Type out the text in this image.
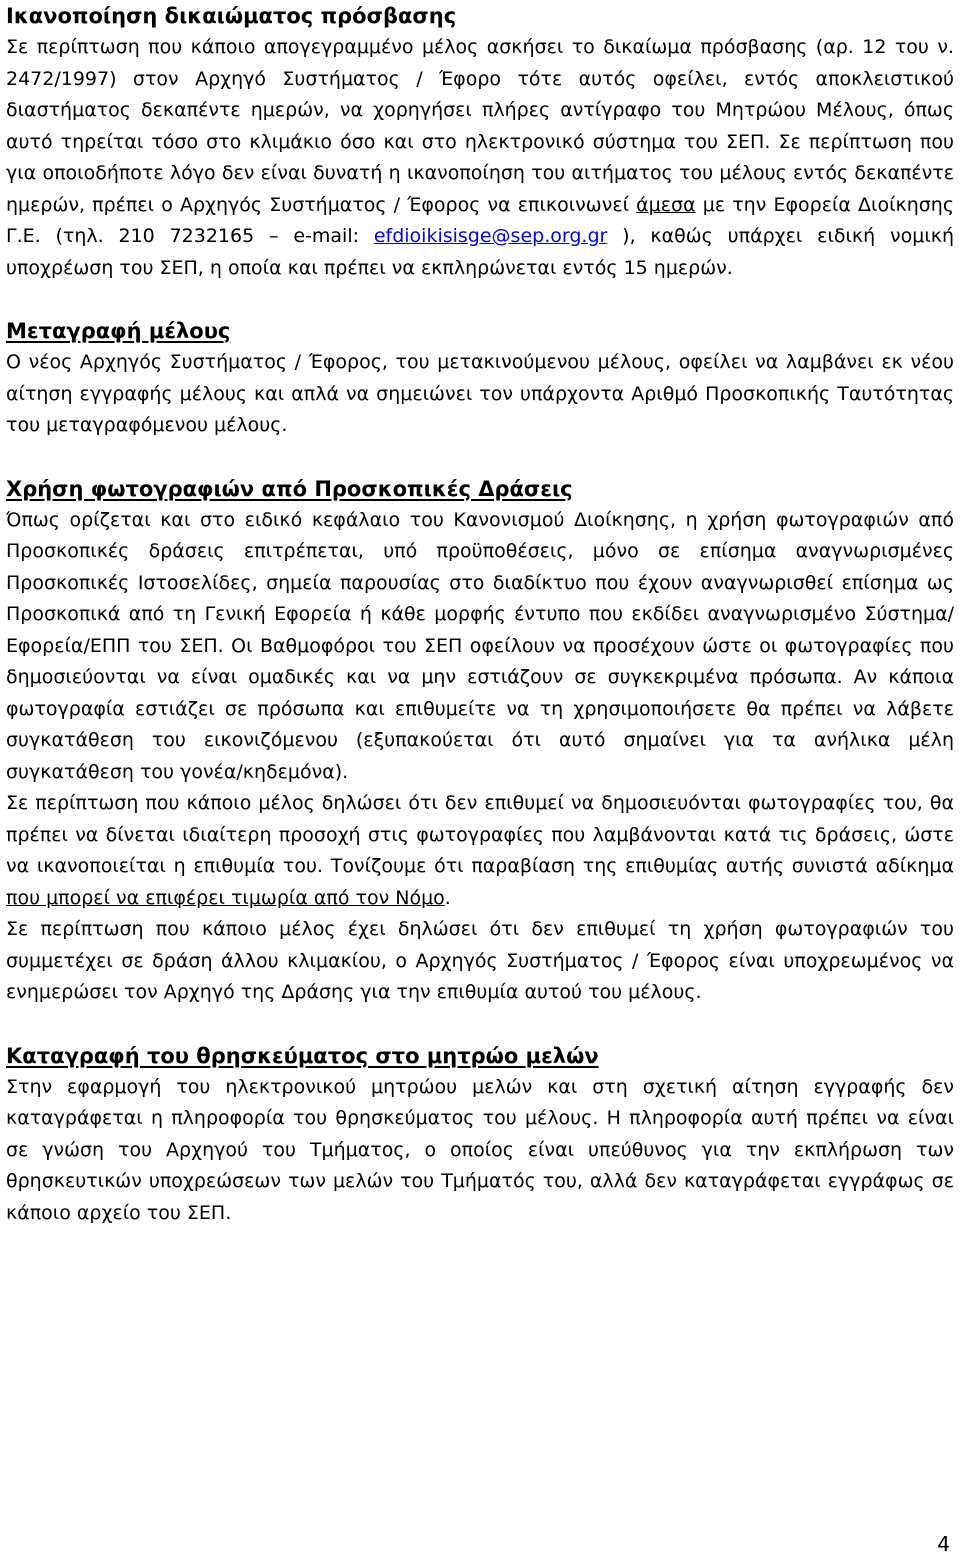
Ικανοποίηση δικαιώματος πρόσβασης

Σε περίπτωση που κάποιο απογεγραμμένο μέλος ασκήσει το δικαίωμα πρόσβασης (αρ. 12 του ν. 2472/1997) στον Αρχηγό Συστήματος / Έφορο τότε αυτός οφείλει, εντός αποκλειστικού διαστήματος δεκαπέντε ημερών, να χορηγήσει πλήρες αντίγραφο του Μητρώου Μέλους, όπως αυτό τηρείται τόσο στο κλιμάκιο όσο και στο ηλεκτρονικό σύστημα του ΣΕΠ. Σε περίπτωση που για οποιοδήποτε λόγο δεν είναι δυνατή η ικανοποίηση του αιτήματος του μέλους εντός δεκαπέντε ημερών, πρέπει ο Αρχηγός Συστήματος / Έφορος να επικοινωνεί άμεσα με την Εφορεία Διοίκησης Γ.Ε. (τηλ. 210 7232165 – e-mail: efdioikisisge@sep.org.gr ), καθώς υπάρχει ειδική νομική υποχρέωση του ΣΕΠ, η οποία και πρέπει να εκπληρώνεται εντός 15 ημερών.

Μεταγραφή μέλους

Ο νέος Αρχηγός Συστήματος / Έφορος, του μετακινούμενου μέλους, οφείλει να λαμβάνει εκ νέου αίτηση εγγραφής μέλους και απλά να σημειώνει τον υπάρχοντα Αριθμό Προσκοπικής Ταυτότητας του μεταγραφόμενου μέλους.

Χρήση φωτογραφιών από Προσκοπικές Δράσεις

Όπως ορίζεται και στο ειδικό κεφάλαιο του Κανονισμού Διοίκησης, η χρήση φωτογραφιών από Προσκοπικές δράσεις επιτρέπεται, υπό προϋποθέσεις, μόνο σε επίσημα αναγνωρισμένες Προσκοπικές Ιστοσελίδες, σημεία παρουσίας στο διαδίκτυο που έχουν αναγνωρισθεί επίσημα ως Προσκοπικά από τη Γενική Εφορεία ή κάθε μορφής έντυπο που εκδίδει αναγνωρισμένο Σύστημα/Εφορεία/ΕΠΠ του ΣΕΠ. Οι Βαθμοφόροι του ΣΕΠ οφείλουν να προσέχουν ώστε οι φωτογραφίες που δημοσιεύονται να είναι ομαδικές και να μην εστιάζουν σε συγκεκριμένα πρόσωπα. Αν κάποια φωτογραφία εστιάζει σε πρόσωπα και επιθυμείτε να τη χρησιμοποιήσετε θα πρέπει να λάβετε συγκατάθεση του εικονιζόμενου (εξυπακούεται ότι αυτό σημαίνει για τα ανήλικα μέλη συγκατάθεση του γονέα/κηδεμόνα).

Σε περίπτωση που κάποιο μέλος δηλώσει ότι δεν επιθυμεί να δημοσιευόνται φωτογραφίες του, θα πρέπει να δίνεται ιδιαίτερη προσοχή στις φωτογραφίες που λαμβάνονται κατά τις δράσεις, ώστε να ικανοποιείται η επιθυμία του. Τονίζουμε ότι παραβίαση της επιθυμίας αυτής συνιστά αδίκημα που μπορεί να επιφέρει τιμωρία από τον Νόμο.

Σε περίπτωση που κάποιο μέλος έχει δηλώσει ότι δεν επιθυμεί τη χρήση φωτογραφιών του συμμετέχει σε δράση άλλου κλιμακίου, ο Αρχηγός Συστήματος / Έφορος είναι υποχρεωμένος να ενημερώσει τον Αρχηγό της Δράσης για την επιθυμία αυτού του μέλους.

Καταγραφή του θρησκεύματος στο μητρώο μελών

Στην εφαρμογή του ηλεκτρονικού μητρώου μελών και στη σχετική αίτηση εγγραφής δεν καταγράφεται η πληροφορία του θρησκεύματος του μέλους. Η πληροφορία αυτή πρέπει να είναι σε γνώση του Αρχηγού του Τμήματος, ο οποίος είναι υπεύθυνος για την εκπλήρωση των θρησκευτικών υποχρεώσεων των μελών του Τμήματός του, αλλά δεν καταγράφεται εγγράφως σε κάποιο αρχείο του ΣΕΠ.

4
